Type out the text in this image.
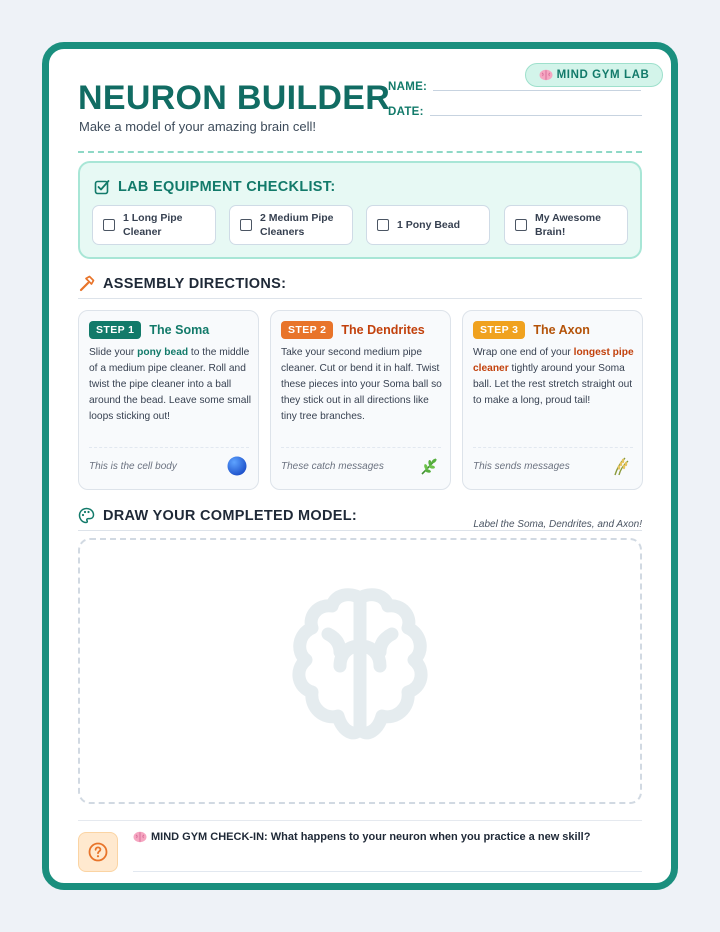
MIND GYM LAB
NEURON BUILDER
Make a model of your amazing brain cell!
NAME:
DATE:
LAB EQUIPMENT CHECKLIST:
1 Long Pipe Cleaner
2 Medium Pipe Cleaners
1 Pony Bead
My Awesome Brain!
ASSEMBLY DIRECTIONS:
STEP 1	The Soma
Slide your pony bead to the middle of a medium pipe cleaner. Roll and twist the pipe cleaner into a ball around the bead. Leave some small loops sticking out!
This is the cell body
STEP 2	The Dendrites
Take your second medium pipe cleaner. Cut or bend it in half. Twist these pieces into your Soma ball so they stick out in all directions like tiny tree branches.
These catch messages
STEP 3	The Axon
Wrap one end of your longest pipe cleaner tightly around your Soma ball. Let the rest stretch straight out to make a long, proud tail!
This sends messages
DRAW YOUR COMPLETED MODEL:
Label the Soma, Dendrites, and Axon!
MIND GYM CHECK-IN: What happens to your neuron when you practice a new skill?
